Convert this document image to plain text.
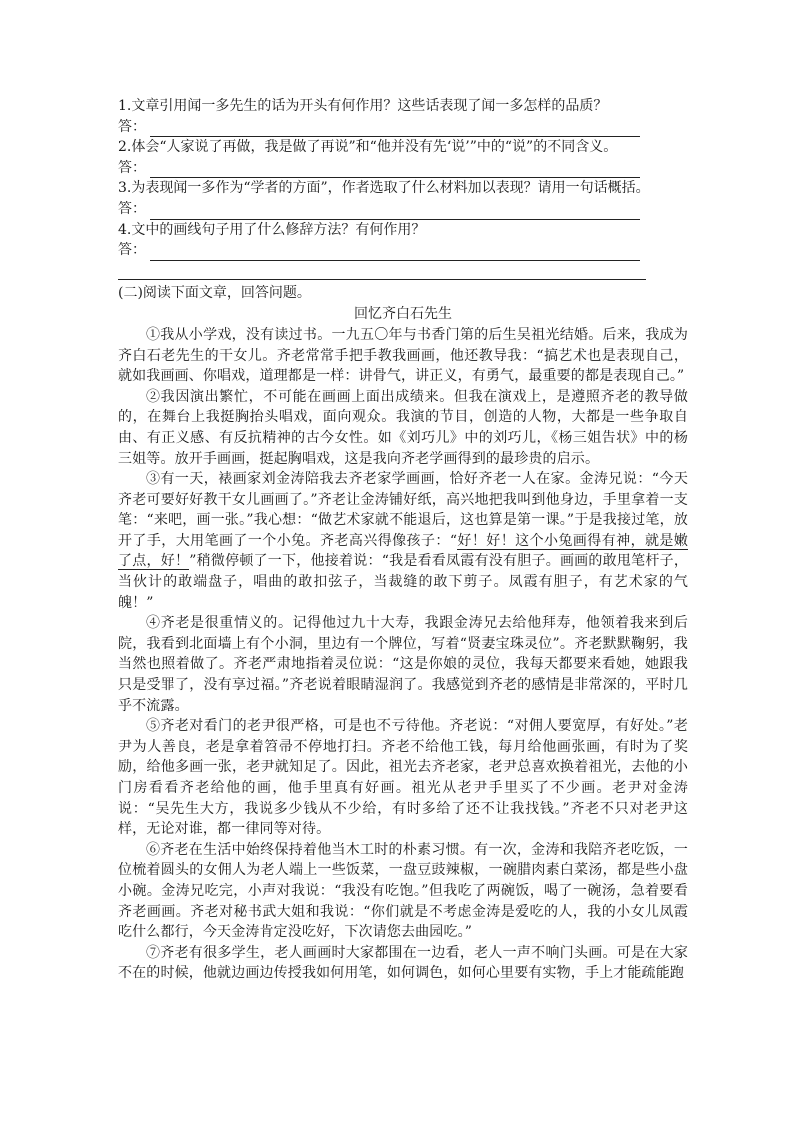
1.文章引用闻一多先生的话为开头有何作用？这些话表现了闻一多怎样的品质？
答：
2.体会“人家说了再做，我是做了再说”和“他并没有先‘说’”中的“说”的不同含义。
答：
3.为表现闻一多作为“学者的方面”，作者选取了什么材料加以表现？请用一句话概括。
答：
4.文中的画线句子用了什么修辞方法？有何作用？
答：
(二)阅读下面文章，回答问题。
回忆齐白石先生

①我从小学戏，没有读过书。一九五〇年与书香门第的后生吴祖光结婚。后来，我成为齐白石老先生的干女儿。齐老常常手把手教我画画，他还教导我：“搞艺术也是表现自己，就如我画画、你唱戏，道理都是一样：讲骨气，讲正义，有勇气，最重要的都是表现自己。”

②我因演出繁忙，不可能在画画上面出成绩来。但我在演戏上，是遵照齐老的教导做的，在舞台上我挺胸抬头唱戏，面向观众。我演的节目，创造的人物，大都是一些争取自由、有正义感、有反抗精神的古今女性。如《刘巧儿》中的刘巧儿，《杨三姐告状》中的杨三姐等。放开手画画，挺起胸唱戏，这是我向齐老学画得到的最珍贵的启示。

③有一天，裱画家刘金涛陪我去齐老家学画画，恰好齐老一人在家。金涛兄说：“今天齐老可要好好教干女儿画画了。”齐老让金涛铺好纸，高兴地把我叫到他身边，手里拿着一支笔：“来吧，画一张。”我心想：“做艺术家就不能退后，这也算是第一课。”于是我接过笔，放开了手，大用笔画了一个小兔。齐老高兴得像孩子：“好！好！这个小兔画得有神，就是嫩了点，好！”稍微停顿了一下，他接着说：“我是看看凤霞有没有胆子。画画的敢甩笔杆子，当伙计的敢端盘子，唱曲的敢扣弦子，当裁缝的敢下剪子。凤霞有胆子，有艺术家的气魄！”

④齐老是很重情义的。记得他过九十大寿，我跟金涛兄去给他拜寿，他领着我来到后院，我看到北面墙上有个小洞，里边有一个牌位，写着“贤妻宝珠灵位”。齐老默默鞠躬，我当然也照着做了。齐老严肃地指着灵位说：“这是你娘的灵位，我每天都要来看她，她跟我只是受罪了，没有享过福。”齐老说着眼睛湿润了。我感觉到齐老的感情是非常深的，平时几乎不流露。

⑤齐老对看门的老尹很严格，可是也不亏待他。齐老说：“对佣人要宽厚，有好处。”老尹为人善良，老是拿着笤帚不停地打扫。齐老不给他工钱，每月给他画张画，有时为了奖励，给他多画一张，老尹就知足了。因此，祖光去齐老家，老尹总喜欢换着祖光，去他的小门房看看齐老给他的画，他手里真有好画。祖光从老尹手里买了不少画。老尹对金涛说：“吴先生大方，我说多少钱从不少给，有时多给了还不让我找钱。”齐老不只对老尹这样，无论对谁，都一律同等对待。

⑥齐老在生活中始终保持着他当木工时的朴素习惯。有一次，金涛和我陪齐老吃饭，一位梳着圆头的女佣人为老人端上一些饭菜，一盘豆豉辣椒，一碗腊肉素白菜汤，都是些小盘小碗。金涛兄吃完，小声对我说：“我没有吃饱。”但我吃了两碗饭，喝了一碗汤，急着要看齐老画画。齐老对秘书武大姐和我说：“你们就是不考虑金涛是爱吃的人，我的小女儿凤霞吃什么都行，今天金涛肯定没吃好，下次请您去曲园吃。”

⑦齐老有很多学生，老人画画时大家都围在一边看，老人一声不响门头画。可是在大家不在的时候，他就边画边传授我如何用笔，如何调色，如何心里要有实物，手上才能疏能跑
